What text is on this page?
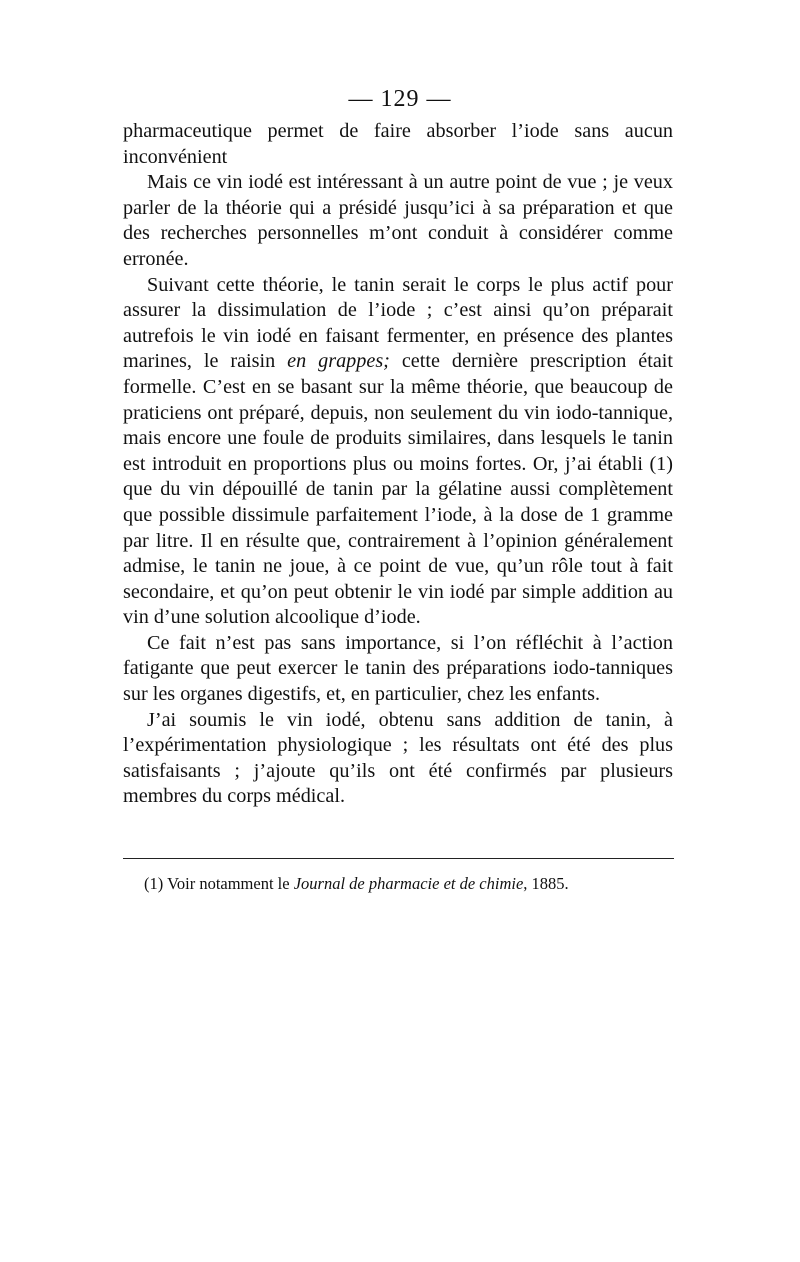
— 129 —

pharmaceutique permet de faire absorber l’iode sans aucun inconvénient

Mais ce vin iodé est intéressant à un autre point de vue ; je veux parler de la théorie qui a présidé jusqu’ici à sa préparation et que des recherches personnelles m’ont conduit à considérer comme erronée.

Suivant cette théorie, le tanin serait le corps le plus actif pour assurer la dissimulation de l’iode ; c’est ainsi qu’on préparait autrefois le vin iodé en faisant fermenter, en présence des plantes marines, le raisin en grappes; cette dernière prescription était formelle. C’est en se basant sur la même théorie, que beaucoup de praticiens ont préparé, depuis, non seulement du vin iodo-tannique, mais encore une foule de produits similaires, dans lesquels le tanin est introduit en proportions plus ou moins fortes. Or, j’ai établi (1) que du vin dépouillé de tanin par la gélatine aussi complètement que possible dissimule parfaitement l’iode, à la dose de 1 gramme par litre. Il en résulte que, contrairement à l’opinion généralement admise, le tanin ne joue, à ce point de vue, qu’un rôle tout à fait secondaire, et qu’on peut obtenir le vin iodé par simple addition au vin d’une solution alcoolique d’iode.

Ce fait n’est pas sans importance, si l’on réfléchit à l’action fatigante que peut exercer le tanin des préparations iodo-tanniques sur les organes digestifs, et, en particulier, chez les enfants.

J’ai soumis le vin iodé, obtenu sans addition de tanin, à l’expérimentation physiologique ; les résultats ont été des plus satisfaisants ; j’ajoute qu’ils ont été confirmés par plusieurs membres du corps médical.

(1) Voir notamment le Journal de pharmacie et de chimie, 1885.
